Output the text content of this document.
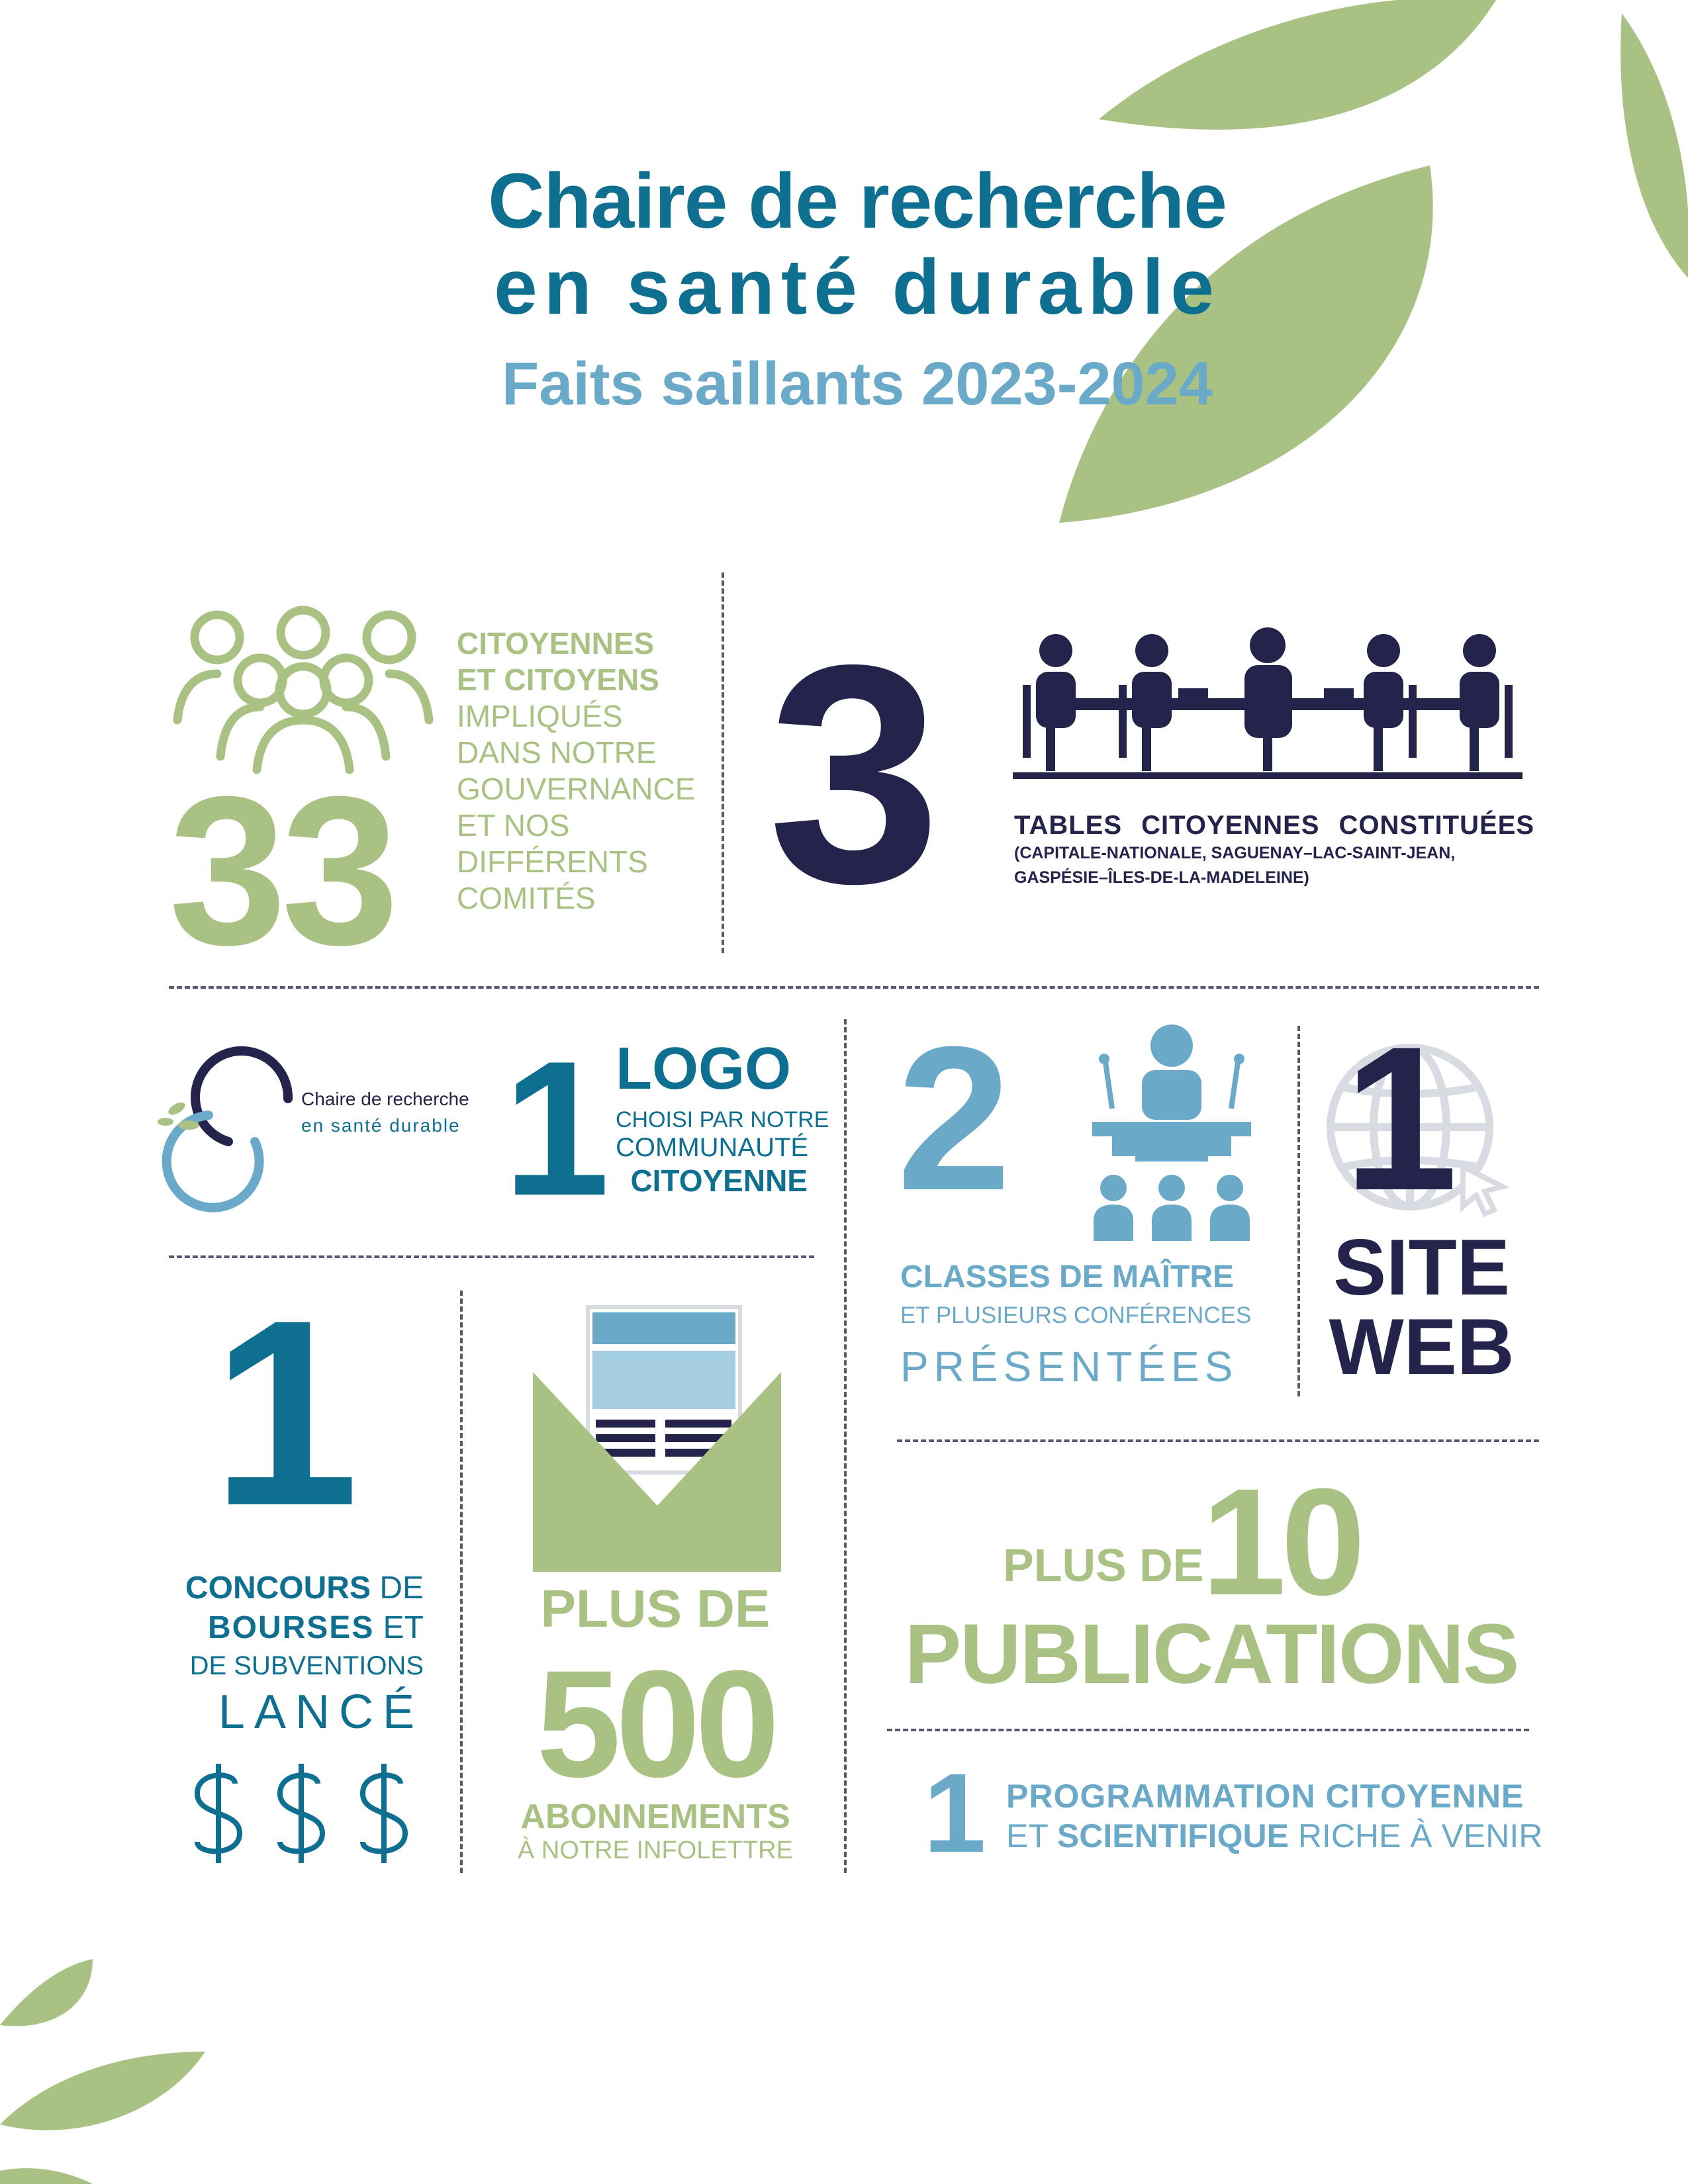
Chaire de recherche
en santé durable
Faits saillants 2023-2024
33
CITOYENNES
ET CITOYENS
IMPLIQUÉS
DANS NOTRE
GOUVERNANCE
ET NOS
DIFFÉRENTS
COMITÉS 3	TABLES CITOYENNES CONSTITUÉES
(CAPITALE-NATIONALE, SAGUENAY–LAC-SAINT-JEAN,
GASPÉSIE–ÎLES-DE-LA-MADELEINE)
Chaire de recherche
en santé durable 1 LOGO
CHOISI PAR NOTRE
COMMUNAUTÉ
CITOYENNE 2
CLASSES DE MAÎTRE
ET PLUSIEURS CONFÉRENCES
PRÉSENTÉES
1
SITE
WEB
1
CONCOURS DE
BOURSES ET
DE SUBVENTIONS
LANCÉ
PLUS DE
500
ABONNEMENTS
À NOTRE INFOLETTRE
PLUS DE
10
PUBLICATIONS
1 PROGRAMMATION CITOYENNE
ET SCIENTIFIQUE RICHE À VENIR
